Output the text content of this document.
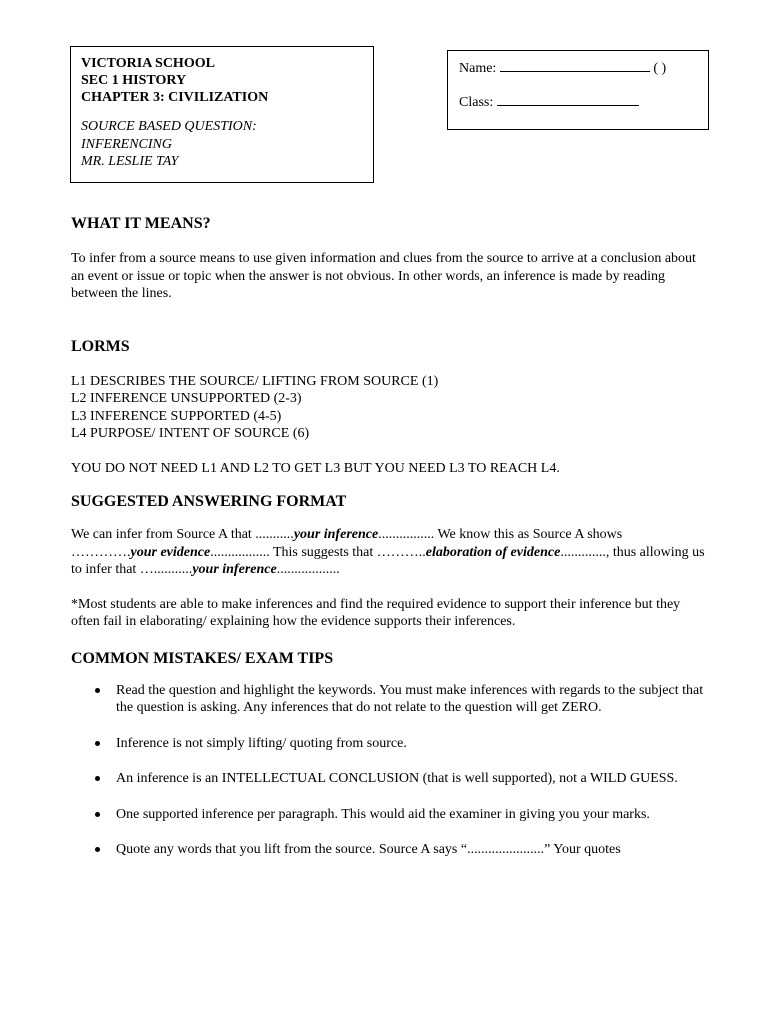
VICTORIA SCHOOL
SEC 1 HISTORY
CHAPTER 3: CIVILIZATION
SOURCE BASED QUESTION:
INFERENCING
MR. LESLIE TAY
Name:	( )
Class:
WHAT IT MEANS?

To infer from a source means to use given information and clues from the source to arrive at a conclusion about an event or issue or topic when the answer is not obvious. In other words, an inference is made by reading between the lines.

LORMS
L1 DESCRIBES THE SOURCE/ LIFTING FROM SOURCE (1)
L2 INFERENCE UNSUPPORTED (2-3)
L3 INFERENCE SUPPORTED (4-5)
L4 PURPOSE/ INTENT OF SOURCE (6)

YOU DO NOT NEED L1 AND L2 TO GET L3 BUT YOU NEED L3 TO REACH L4.

SUGGESTED ANSWERING FORMAT

We can infer from Source A that ...........your inference................ We know this as Source A shows ………….your evidence................. This suggests that ………..elaboration of evidence............., thus allowing us to infer that …...........your inference..................

*Most students are able to make inferences and find the required evidence to support their inference but they often fail in elaborating/ explaining how the evidence supports their inferences.

COMMON MISTAKES/ EXAM TIPS
Read the question and highlight the keywords. You must make inferences with regards to the subject that the question is asking. Any inferences that do not relate to the question will get ZERO.
Inference is not simply lifting/ quoting from source.
An inference is an INTELLECTUAL CONCLUSION (that is well supported), not a WILD GUESS.
One supported inference per paragraph. This would aid the examiner in giving you your marks.
Quote any words that you lift from the source. Source A says “......................” Your quotes
